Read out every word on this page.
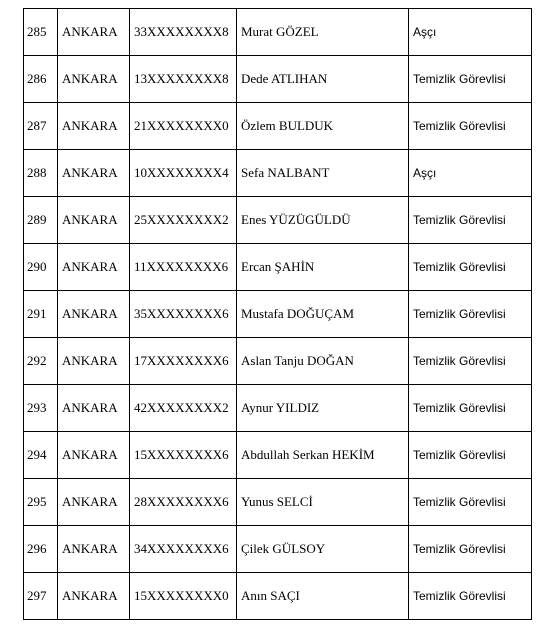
285	ANKARA	33XXXXXXXX8	Murat GÖZEL	Aşçı
286	ANKARA	13XXXXXXXX8	Dede ATLIHAN	Temizlik Görevlisi
287	ANKARA	21XXXXXXXX0	Özlem BULDUK	Temizlik Görevlisi
288	ANKARA	10XXXXXXXX4	Sefa NALBANT	Aşçı
289	ANKARA	25XXXXXXXX2	Enes YÜZÜGÜLDÜ	Temizlik Görevlisi
290	ANKARA	11XXXXXXXX6	Ercan ŞAHİN	Temizlik Görevlisi
291	ANKARA	35XXXXXXXX6	Mustafa DOĞUÇAM	Temizlik Görevlisi
292	ANKARA	17XXXXXXXX6	Aslan Tanju DOĞAN	Temizlik Görevlisi
293	ANKARA	42XXXXXXXX2	Aynur YILDIZ	Temizlik Görevlisi
294	ANKARA	15XXXXXXXX6	Abdullah Serkan HEKİM	Temizlik Görevlisi
295	ANKARA	28XXXXXXXX6	Yunus SELCİ	Temizlik Görevlisi
296	ANKARA	34XXXXXXXX6	Çilek GÜLSOY	Temizlik Görevlisi
297	ANKARA	15XXXXXXXX0	Anın SAÇI	Temizlik Görevlisi
